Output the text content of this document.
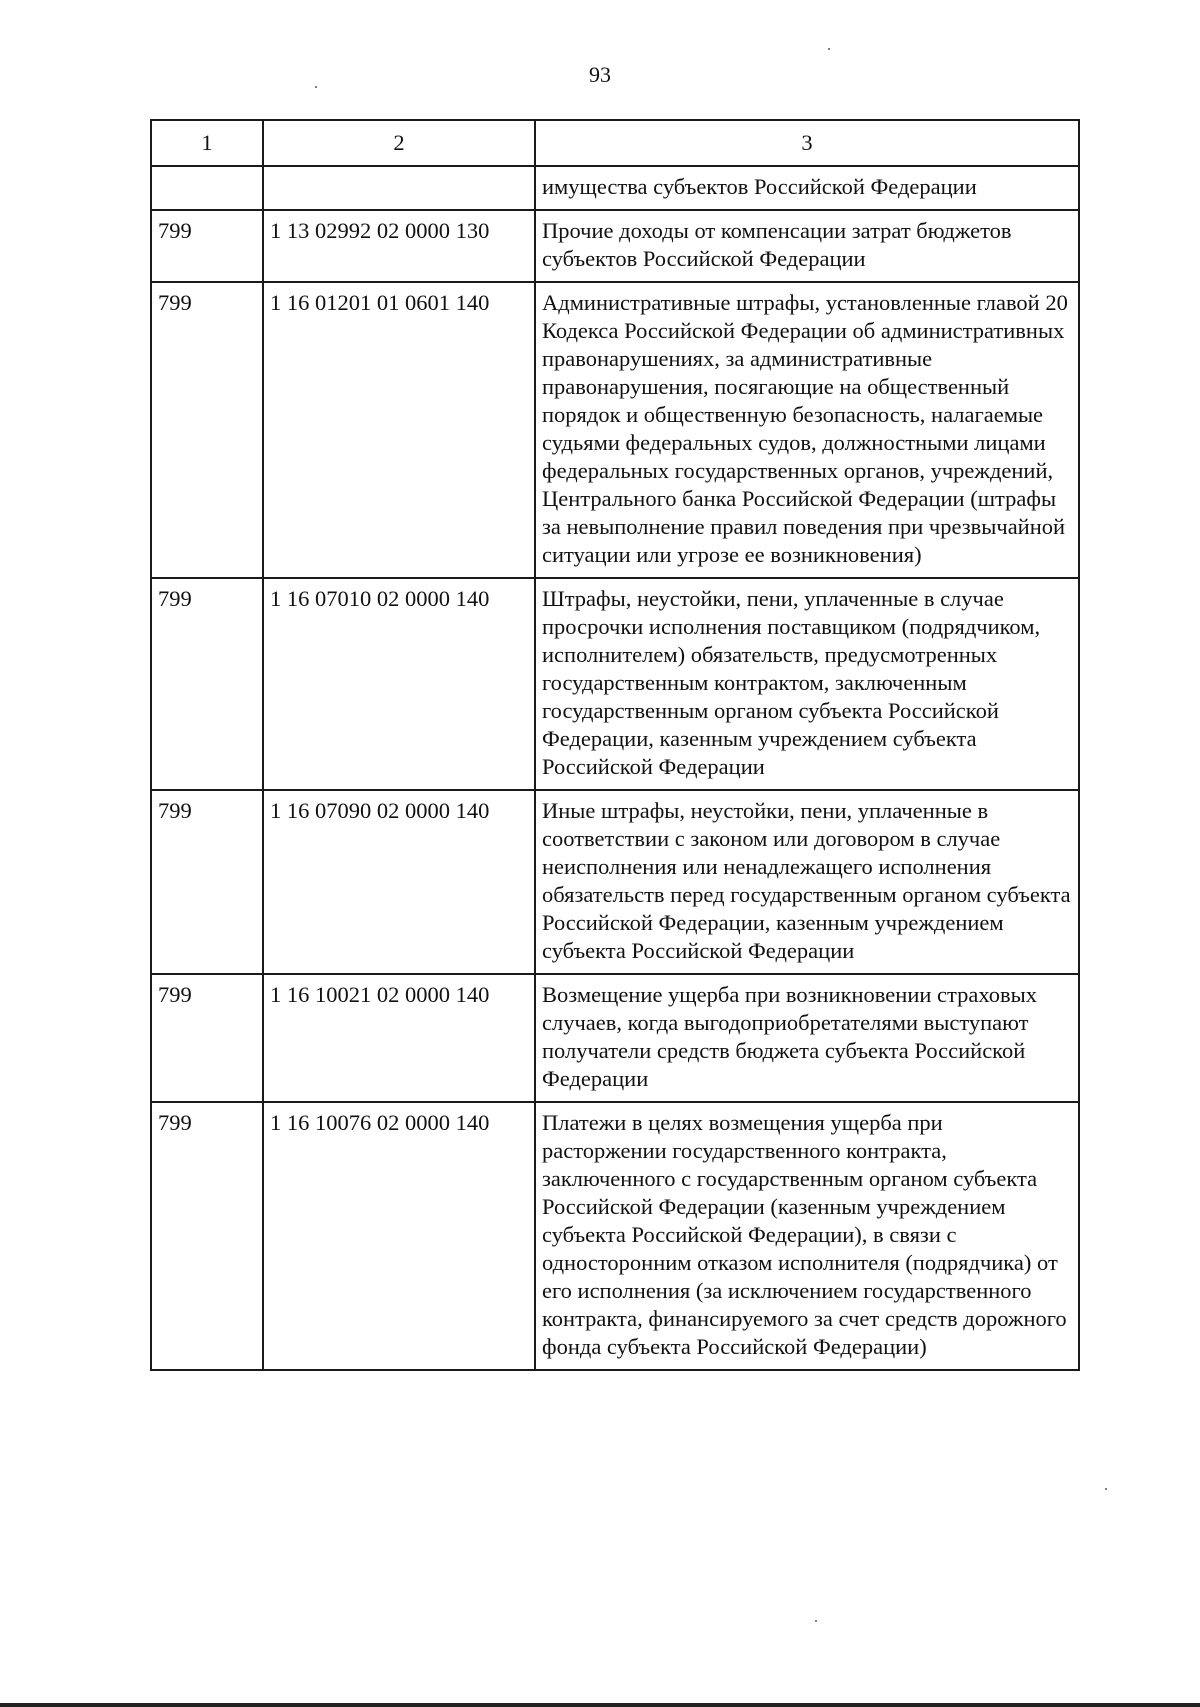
93
1	2	3
		имущества субъектов Российской Федерации
799	1 13 02992 02 0000 130	Прочие доходы от компенсации затрат бюджетов субъектов Российской Федерации
799	1 16 01201 01 0601 140	Административные штрафы, установленные главой 20 Кодекса Российской Федерации об административных правонарушениях, за административные правонарушения, посягающие на общественный порядок и общественную безопасность, налагаемые судьями федеральных судов, должностными лицами федеральных государственных органов, учреждений, Центрального банка Российской Федерации (штрафы за невыполнение правил поведения при чрезвычайной ситуации или угрозе ее возникновения)
799	1 16 07010 02 0000 140	Штрафы, неустойки, пени, уплаченные в случае просрочки исполнения поставщиком (подрядчиком, исполнителем) обязательств, предусмотренных государственным контрактом, заключенным государственным органом субъекта Российской Федерации, казенным учреждением субъекта Российской Федерации
799	1 16 07090 02 0000 140	Иные штрафы, неустойки, пени, уплаченные в соответствии с законом или договором в случае неисполнения или ненадлежащего исполнения обязательств перед государственным органом субъекта Российской Федерации, казенным учреждением субъекта Российской Федерации
799	1 16 10021 02 0000 140	Возмещение ущерба при возникновении страховых случаев, когда выгодоприобретателями выступают получатели средств бюджета субъекта Российской Федерации
799	1 16 10076 02 0000 140	Платежи в целях возмещения ущерба при расторжении государственного контракта, заключенного с государственным органом субъекта Российской Федерации (казенным учреждением субъекта Российской Федерации), в связи с односторонним отказом исполнителя (подрядчика) от его исполнения (за исключением государственного контракта, финансируемого за счет средств дорожного фонда субъекта Российской Федерации)
